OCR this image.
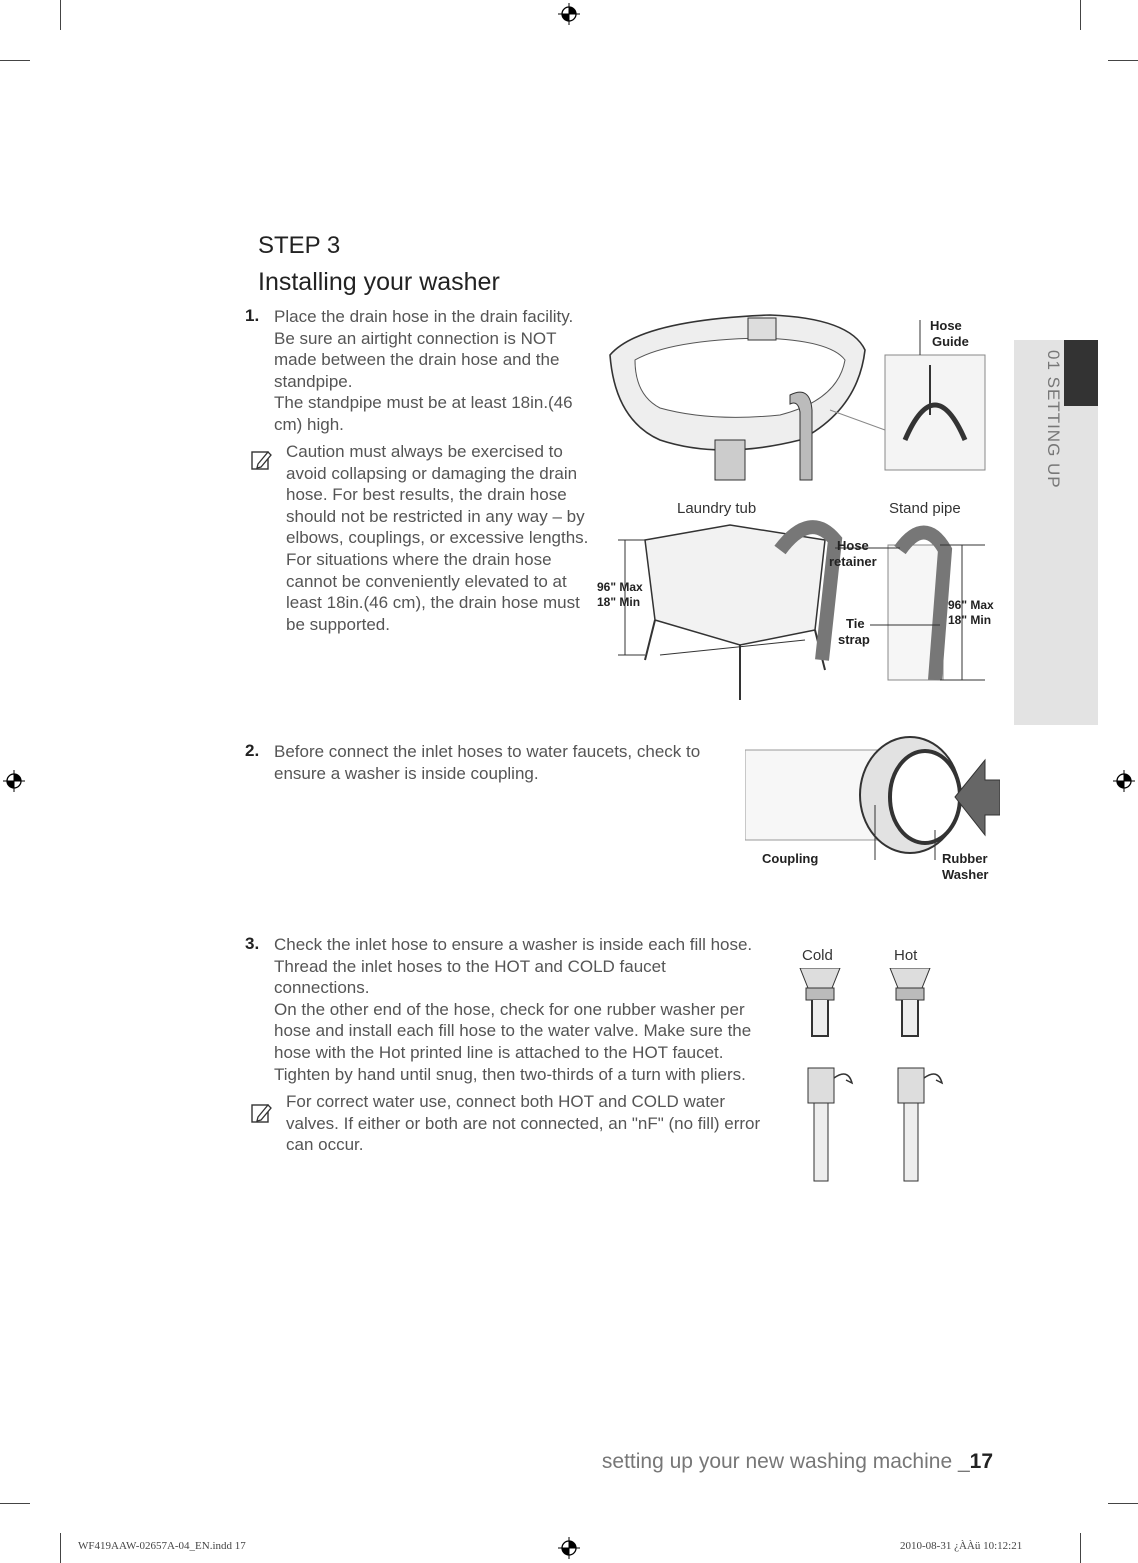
01 SETTING UP
STEP 3
Installing your washer
1. Place the drain hose in the drain facility.
Be sure an airtight connection is NOT
made between the drain hose and the
standpipe.
The standpipe must be at least 18in.(46
cm) high.
Caution must always be exercised to
avoid collapsing or damaging the drain
hose. For best results, the drain hose
should not be restricted in any way – by
elbows, couplings, or excessive lengths.
For situations where the drain hose
cannot be conveniently elevated to at
least 18in.(46 cm), the drain hose must
be supported.
Hose
Guide
Laundry tub	Stand pipe
Hose
retainer
Tie
strap
96" Max
18" Min	96" Max
18" Min
2. Before connect the inlet hoses to water faucets, check to
ensure a washer is inside coupling.
Coupling	Rubber
Washer
3. Check the inlet hose to ensure a washer is inside each fill hose.
Thread the inlet hoses to the HOT and COLD faucet
connections.
On the other end of the hose, check for one rubber washer per
hose and install each fill hose to the water valve. Make sure the
hose with the Hot printed line is attached to the HOT faucet.
Tighten by hand until snug, then two-thirds of a turn with pliers.
For correct water use, connect both HOT and COLD water
valves. If either or both are not connected, an "nF" (no fill) error
can occur.
Cold	Hot
setting up your new washing machine _17
WF419AAW-02657A-04_EN.indd 17	2010-08-31 ¿ÀÀü 10:12:21
